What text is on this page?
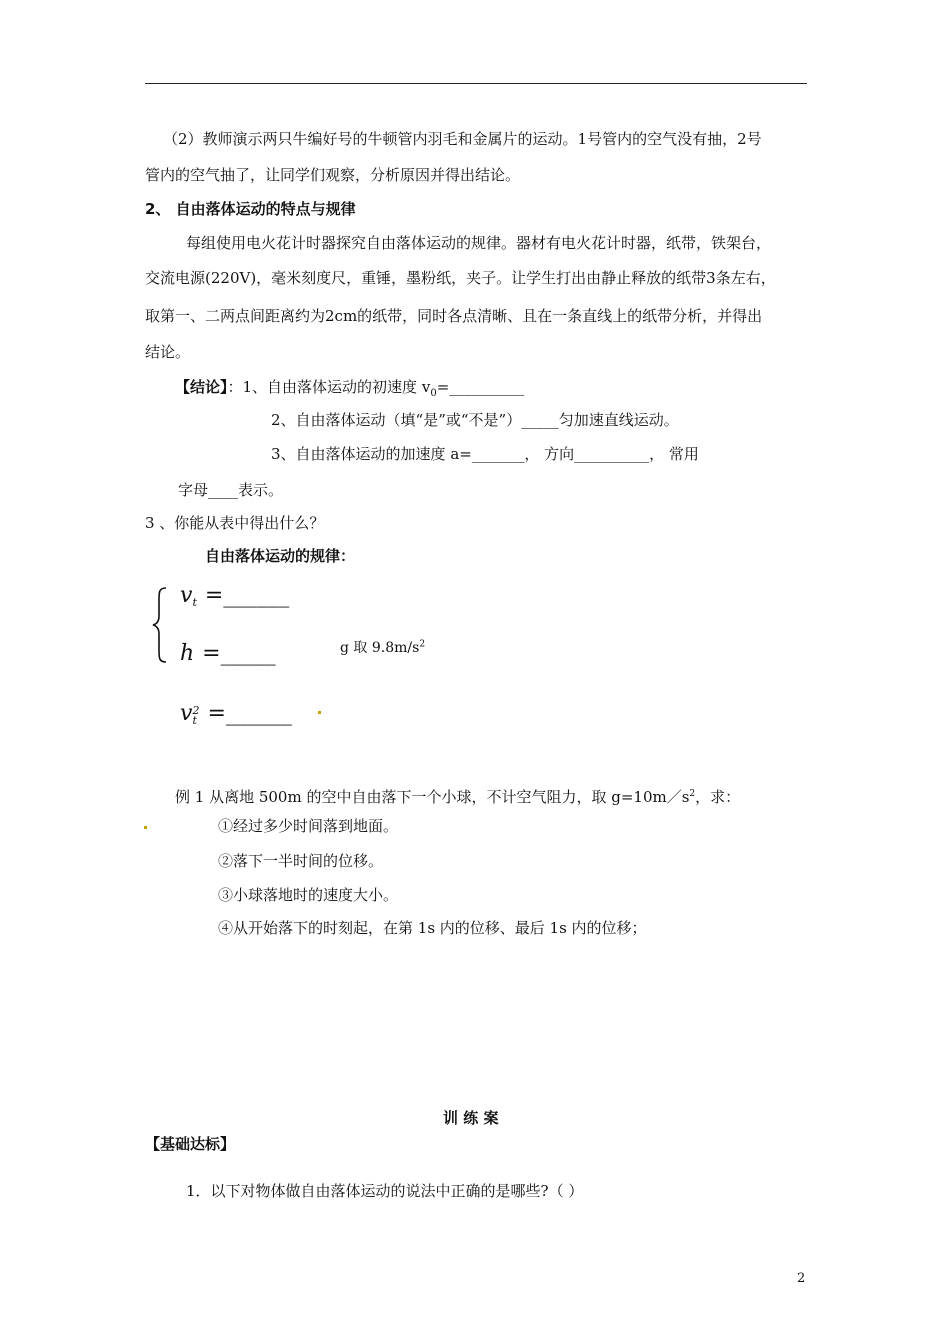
（2）教师演示两只牛编好号的牛顿管内羽毛和金属片的运动。1号管内的空气没有抽，2号
管内的空气抽了，让同学们观察，分析原因并得出结论。
2、 自由落体运动的特点与规律
每组使用电火花计时器探究自由落体运动的规律。器材有电火花计时器，纸带，铁架台，
交流电源(220V)，毫米刻度尺，重锤，墨粉纸，夹子。让学生打出由静止释放的纸带3条左右，
取第一、二两点间距离约为2cm的纸带，同时各点清晰、且在一条直线上的纸带分析，并得出
结论。
【结论】：1、自由落体运动的初速度 $v_0=\_\_\_\_\_\_\_\_\_\_$
2、自由落体运动（填“是”或“不是”）_____匀加速直线运动。
3、自由落体运动的加速度 a=_______， 方向__________， 常用
字母____表示。
3 、你能从表中得出什么？
自由落体运动的规律：
$v_t$ =______
h =_____	g 取 $9.8m/s^2$
v 2
t =______
例 1 从离地 500m 的空中自由落下一个小球，不计空气阻力，取 $g=10m/s^2$，求：
①经过多少时间落到地面。
②落下一半时间的位移。
③小球落地时的速度大小。
④从开始落下的时刻起，在第 1s 内的位移、最后 1s 内的位移；
训 练 案
【基础达标】
1．以下对物体做自由落体运动的说法中正确的是哪些?（ ）
2
